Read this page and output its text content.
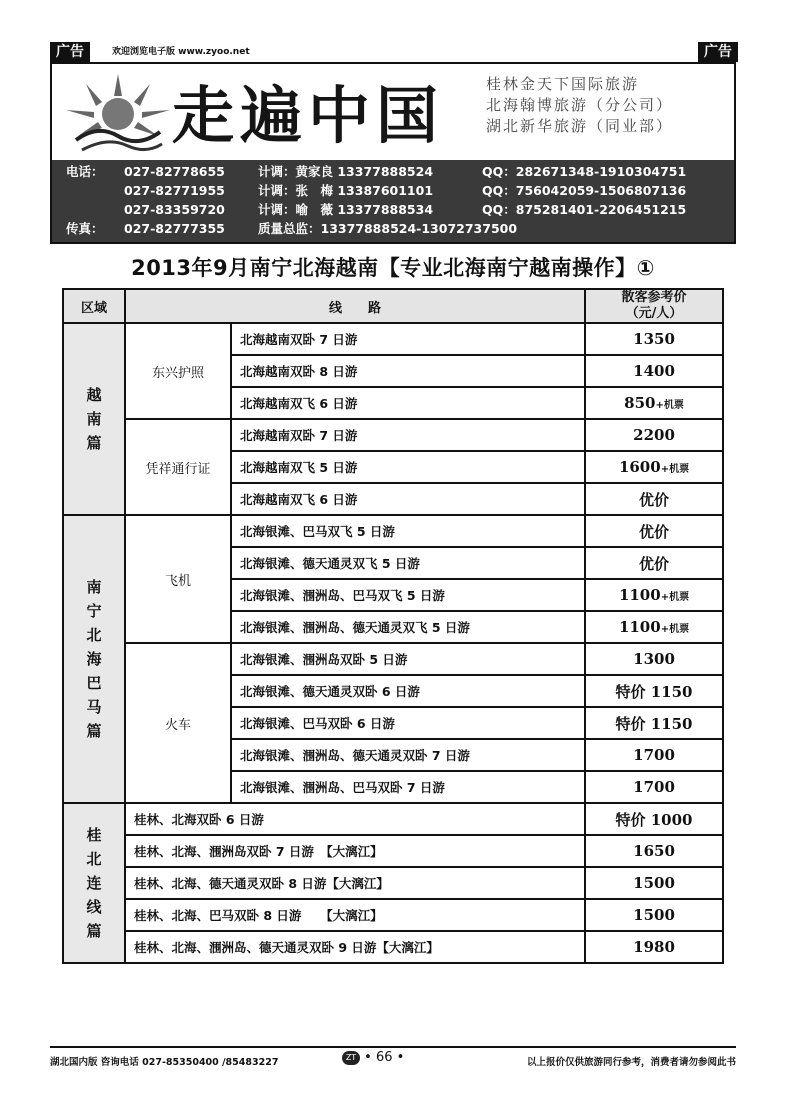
广告	欢迎浏览电子版 www.zyoo.net	广告
走遍中国	桂林金天下国际旅游
北海翰博旅游（分公司）
湖北新华旅游（同业部）
电话： 027-82778655	计调：黄家良 13377888524	QQ：282671348-1910304751
027-82771955	计调：张　梅 13387601101	QQ：756042059-1506807136
027-83359720	计调：喻　薇 13377888534	QQ：875281401-2206451215
传真： 027-82777355	质量总监：13377888524-13072737500
2013年9月南宁北海越南【专业北海南宁越南操作】①
区域	线　　路		散客参考价
（元/人）

越南篇	东兴护照	北海越南双卧 7 日游	1350
		北海越南双卧 8 日游	1400
		北海越南双飞 6 日游	850+机票
	凭祥通行证	北海越南双卧 7 日游	2200
		北海越南双飞 5 日游	1600+机票
		北海越南双飞 6 日游	优价
南宁北海巴马篇	飞机	北海银滩、巴马双飞 5 日游	优价
		北海银滩、德天通灵双飞 5 日游	优价
		北海银滩、涠洲岛、巴马双飞 5 日游	1100+机票
		北海银滩、涠洲岛、德天通灵双飞 5 日游	1100+机票
	火车	北海银滩、涠洲岛双卧 5 日游	1300
		北海银滩、德天通灵双卧 6 日游	特价 1150
		北海银滩、巴马双卧 6 日游	特价 1150
		北海银滩、涠洲岛、德天通灵双卧 7 日游	1700
		北海银滩、涠洲岛、巴马双卧 7 日游	1700
桂北连线篇	桂林、北海双卧 6 日游		特价 1000
	桂林、北海、涠洲岛双卧 7 日游　【大漓江】		1650
	桂林、北海、德天通灵双卧 8 日游【大漓江】		1500
	桂林、北海、巴马双卧 8 日游　　【大漓江】		1500
	桂林、北海、涠洲岛、德天通灵双卧 9 日游【大漓江】		1980
湖北国内版 咨询电话 027-85350400 /85483227	ZT • 66 •	以上报价仅供旅游同行参考，消费者请勿参阅此书
